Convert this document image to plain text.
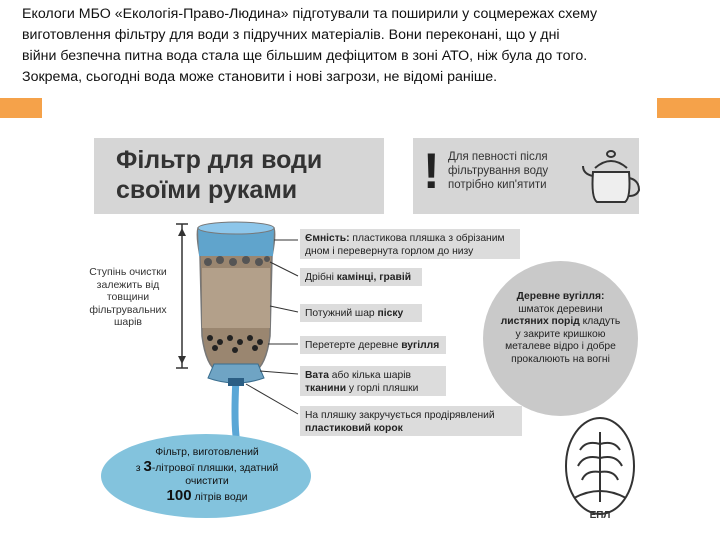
Екологи МБО «Екологія-Право-Людина» підготували та поширили у соцмережах схему
виготовлення фільтру для води з підручних матеріалів. Вони переконані, що у дні
війни безпечна питна вода стала ще більшим дефіцитом в зоні АТО, ніж була до того.
Зокрема, сьогодні вода може становити і нові загрози, не відомі раніше.
Фільтр для води
своїми руками	! Для певності після фільтрування воду потрібно кип'ятити
Ступінь очистки залежить від товщини фільтрувальних шарів
Ємність: пластикова пляшка з обрізаним дном і перевернута горлом до низу
Дрібні камінці, гравій
Потужний шар піску
Перетерте деревне вугілля
Вата або кілька шарів тканини у горлі пляшки
На пляшку закручується продірявлений пластиковий корок
Деревне вугілля:
шматок деревини
листяних порід кладуть
у закрите кришкою металеве відро і добре прокалюють на вогні
Фільтр, виготовлений
з 3-літрової пляшки, здатний очистити
100 літрів води
ЕПЛ
